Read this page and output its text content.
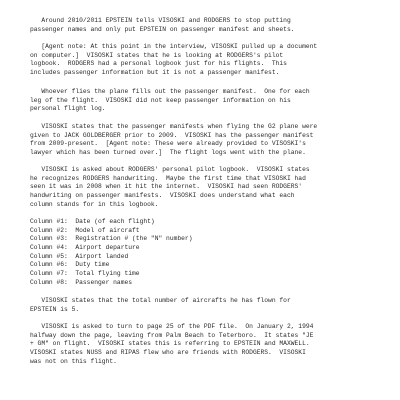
Around 2010/2011 EPSTEIN tells VISOSKI and RODGERS to stop putting
passenger names and only put EPSTEIN on passenger manifest and sheets.

[Agent note: At this point in the interview, VISOSKI pulled up a document
on computer.]  VISOSKI states that he is looking at RODGERS's pilot
logbook.  RODGERS had a personal logbook just for his flights.  This
includes passenger information but it is not a passenger manifest.

Whoever flies the plane fills out the passenger manifest.  One for each
leg of the flight.  VISOSKI did not keep passenger information on his
personal flight log.

VISOSKI states that the passenger manifests when flying the G2 plane were
given to JACK GOLDBERGER prior to 2009.  VISOSKI has the passenger manifest
from 2009-present.  [Agent note: These were already provided to VISOSKI's
lawyer which has been turned over.]  The flight logs went with the plane.

VISOSKI is asked about RODGERS' personal pilot logbook.  VISOSKI states
he recognizes RODGERS handwriting.  Maybe the first time that VISOSKI had
seen it was in 2008 when it hit the internet.  VISOSKI had seen RODGERS'
handwriting on passenger manifests.  VISOSKI does understand what each
column stands for in this logbook.

Column #1:  Date (of each flight)
Column #2:  Model of aircraft
Column #3:  Registration # (the "N" number)
Column #4:  Airport departure
Column #5:  Airport landed
Column #6:  Duty time
Column #7:  Total flying time
Column #8:  Passenger names

VISOSKI states that the total number of aircrafts he has flown for
EPSTEIN is 5.

VISOSKI is asked to turn to page 25 of the PDF file.  On January 2, 1994
halfway down the page, leaving from Palm Beach to Teterboro.  It states "JE
+ GM" on flight.  VISOSKI states this is referring to EPSTEIN and MAXWELL.
VISOSKI states NUSS and RIPAS flew who are friends with RODGERS.  VISOSKI
was not on this flight.
